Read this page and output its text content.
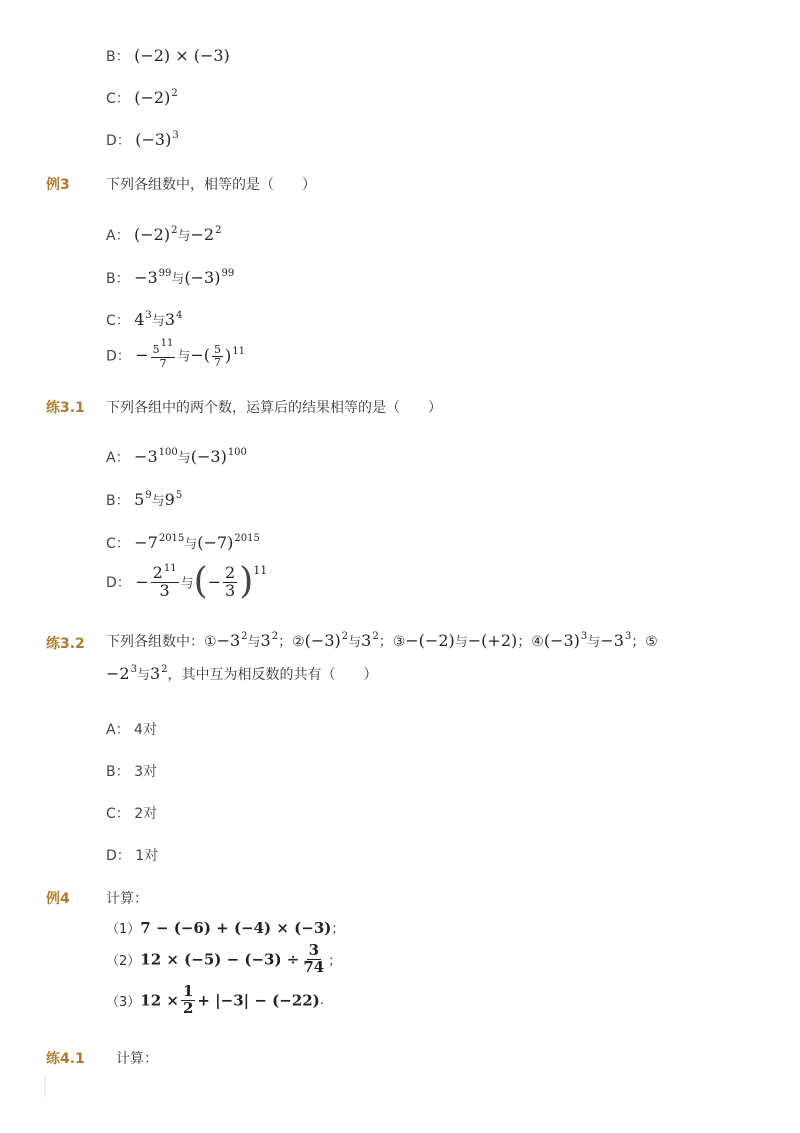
B： (−2) × (−3)
C： $(-2)^2$
D： $(-3)^3$
例3	下列各组数中，相等的是（　　）
A： $(-2)^2$与$-2^2$
B： $-3^{99}$与$(-3)^{99}$
C： $4^3$与$3^4$
D： − $\frac{5^{11}}{7}$ 与−( $\frac{5}{7} )^{11}$
练3.1 下列各组中的两个数，运算后的结果相等的是（　　）
A： $-3^{100}$与$(-3)^{100}$
B： $5^9$与$9^5$
C： $-7^{2015}$与$(-7)^{2015}$
D： − $\frac{2^{11}}{3}$ 与(− $\frac{2}{3} )^{11}$
练3.2 下列各组数中：$①-3^2$与$3^2$；$②(-3)^2$与$3^2$；③−(−2)与−(+2)；$④(-3)^3$与$-3^3$；⑤
$-2^3$与$3^2$，其中互为相反数的共有（　　）
A： 4对
B： 3对
C： 2对
D： 1对
例4	计算：
（1）7 − (−6) + (−4) × (−3)；
$(2)12 \times (-5) - (-3) \div \frac{3}{74}$ ；
$(3)12 \times \frac{1}{2} + |-3| - (-22)$.
练4.1 计算：
